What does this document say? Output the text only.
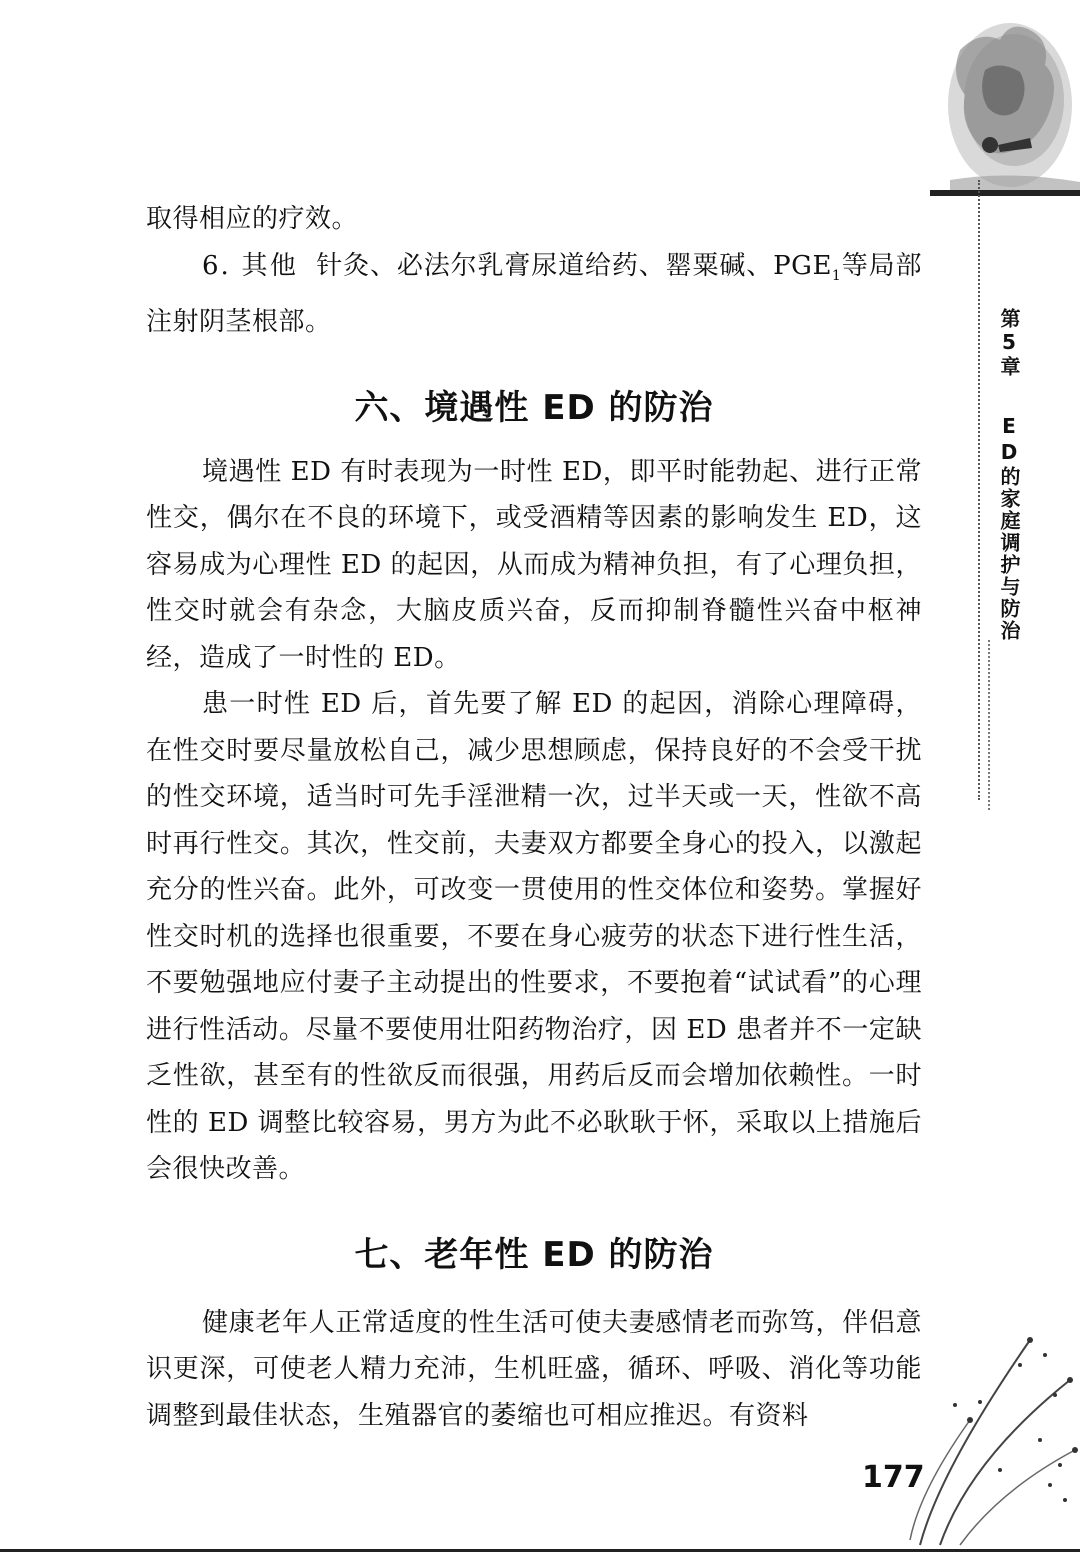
第5章
ED的家庭调护与防治

取得相应的疗效。

6. 其他 针灸、必法尔乳膏尿道给药、罂粟碱、$PGE_1$等局部注射阴茎根部。

六、境遇性 ED 的防治

境遇性 ED 有时表现为一时性 ED，即平时能勃起、进行正常性交，偶尔在不良的环境下，或受酒精等因素的影响发生 ED，这容易成为心理性 ED 的起因，从而成为精神负担，有了心理负担，性交时就会有杂念，大脑皮质兴奋，反而抑制脊髓性兴奋中枢神经，造成了一时性的 ED。

患一时性 ED 后，首先要了解 ED 的起因，消除心理障碍，在性交时要尽量放松自己，减少思想顾虑，保持良好的不会受干扰的性交环境，适当时可先手淫泄精一次，过半天或一天，性欲不高时再行性交。其次，性交前，夫妻双方都要全身心的投入，以激起充分的性兴奋。此外，可改变一贯使用的性交体位和姿势。掌握好性交时机的选择也很重要，不要在身心疲劳的状态下进行性生活，不要勉强地应付妻子主动提出的性要求，不要抱着“试试看”的心理进行性活动。尽量不要使用壮阳药物治疗，因 ED 患者并不一定缺乏性欲，甚至有的性欲反而很强，用药后反而会增加依赖性。一时性的 ED 调整比较容易，男方为此不必耿耿于怀，采取以上措施后会很快改善。

七、老年性 ED 的防治

健康老年人正常适度的性生活可使夫妻感情老而弥笃，伴侣意识更深，可使老人精力充沛，生机旺盛，循环、呼吸、消化等功能调整到最佳状态，生殖器官的萎缩也可相应推迟。有资料

177
